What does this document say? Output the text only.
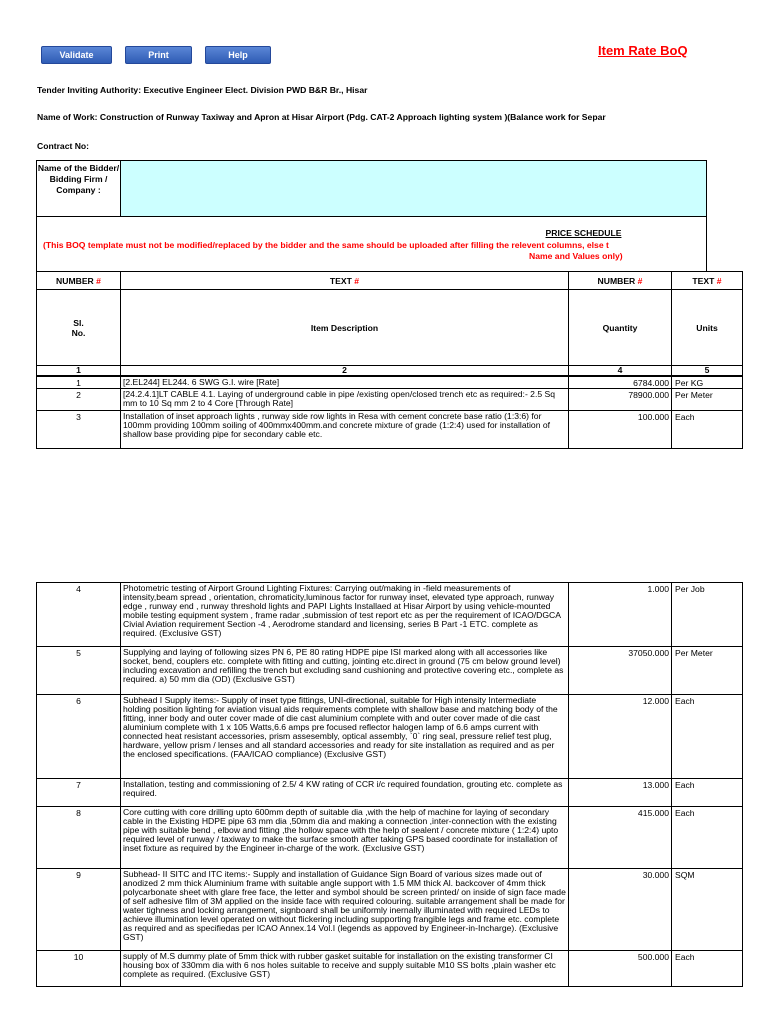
Validate	Print	Help	Item Rate BoQ
Tender Inviting Authority: Executive Engineer Elect. Division PWD B&R Br., Hisar
Name of Work: Construction of Runway Taxiway and Apron at Hisar Airport (Pdg. CAT-2 Approach lighting system )(Balance work for Separ
Contract No:
Name of the Bidder/ Bidding Firm / Company :
PRICE SCHEDULE
(This BOQ template must not be modified/replaced by the bidder and the same should be uploaded after filling the relevent columns, else t
Name and Values only)
NUMBER #	TEXT #	NUMBER #	TEXT #
Sl.
No.	Item Description	Quantity	Units
1	2	4	5
1	[2.EL244] EL244. 6 SWG G.I. wire [Rate]	6784.000	Per KG
2	[24.2.4.1]LT CABLE 4.1. Laying of underground cable in pipe /existing open/closed trench etc as required:- 2.5 Sq mm to 10 Sq mm 2 to 4 Core [Through Rate]	78900.000	Per Meter
3	Installation of inset approach lights , runway side row lights in Resa with cement concrete base ratio (1:3:6) for 100mm providing 100mm soiling of 400mmx400mm.and concrete mixture of grade (1:2:4) used for installation of shallow base providing pipe for secondary cable etc.	100.000	Each
4	Photometric testing of Airport Ground Lighting Fixtures: Carrying out/making in -field measurements of intensity,beam spread , orientation, chromaticity,luminous factor for runway inset, elevated type approach, runway edge , runway end , runway threshold lights and PAPI Lights Installaed at Hisar Airport by using vehicle-mounted mobile testing equipment system , frame radar ,submission of test report etc as per the requirement of ICAO/DGCA Civial Aviation requirement Section -4 , Aerodrome standard and licensing, series B Part -1 ETC. complete as required. (Exclusive GST)	1.000	Per Job
5	Supplying and laying of following sizes PN 6, PE 80 rating HDPE pipe ISI marked along with all accessories like socket, bend, couplers etc. complete with fitting and cutting, jointing etc.direct in ground (75 cm below ground level) including excavation and refilling the trench but excluding sand cushioning and protective covering etc., complete as required. a) 50 mm dia (OD) (Exclusive GST)	37050.000	Per Meter
6	Subhead I Supply items:- Supply of inset type fittings, UNI-directional, suitable for High intensity Intermediate holding position lighting for aviation visual aids requirements complete with shallow base and matching body of the fitting, inner body and outer cover made of die cast aluminium complete with and outer cover made of die cast aluminium complete with 1 x 105 Watts,6.6 amps pre focused reflector halogen lamp of 6.6 amps current with connected heat resistant accessories, prism assesembly, optical assembly, `0` ring seal, pressure relief test plug, hardware, yellow prism / lenses and all standard accessories and ready for site installation as required and as per the enclosed specifications. (FAA/ICAO compliance) (Exclusive GST)	12.000	Each
7	Installation, testing and commissioning of 2.5/ 4 KW rating of CCR i/c required foundation, grouting etc. complete as required.	13.000	Each
8	Core cutting with core drilling upto 600mm depth of suitable dia ,with the help of machine for laying of secondary cable in the Existing HDPE pipe 63 mm dia ,50mm dia and making a connection ,inter-connection with the existing pipe with suitable bend , elbow and fitting ,the hollow space with the help of sealent / concrete mixture ( 1:2:4) upto required level of runway / taxiway to make the surface smooth after taking GPS based coordinate for installation of inset fixture as required by the Engineer in-charge of the work. (Exclusive GST)	415.000	Each
9	Subhead- II SITC and ITC items:- Supply and installation of Guidance Sign Board of various sizes made out of anodized 2 mm thick Aluminium frame with suitable angle support with 1.5 MM thick Al. backcover of 4mm thick polycarbonate sheet with glare free face, the letter and symbol should be screen printed/ on inside of sign face made of self adhesive film of 3M applied on the inside face with required colouring. suitable arrangement shall be made for water tighness and locking arrangement, signboard shall be uniformly inernally illuminated with required LEDs to achieve illumination level operated on without flickering including supporting frangible legs and frame etc. complete as required and as specifiedas per ICAO Annex.14 Vol.I (legends as appoved by Engineer-in-Incharge). (Exclusive GST)	30.000	SQM
10	supply of M.S dummy plate of 5mm thick with rubber gasket suitable for installation on the existing transformer CI housing box of 330mm dia with 6 nos holes suitable to receive and supply suitable M10 SS bolts ,plain washer etc complete as required. (Exclusive GST)	500.000	Each
